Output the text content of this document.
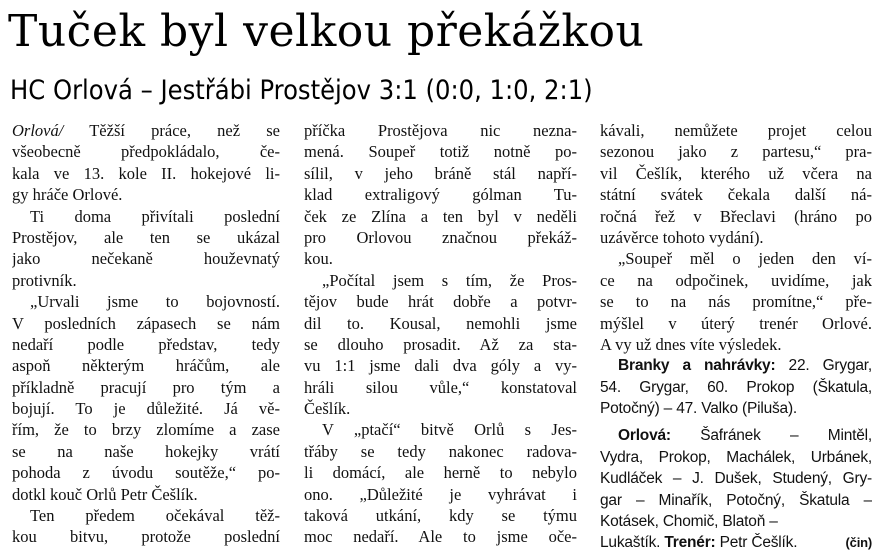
Tuček byl velkou překážkou
HC Orlová – Jestřábi Prostějov 3:1 (0:0, 1:0, 2:1)
Orlová/ Těžší práce, než se
všeobecně předpokládalo, če-
kala ve 13. kole II. hokejové li-
gy hráče Orlové.
Ti doma přivítali poslední
Prostějov, ale ten se ukázal
jako nečekaně houževnatý
protivník.
„Urvali jsme to bojovností.
V posledních zápasech se nám
nedaří podle představ, tedy
aspoň některým hráčům, ale
příkladně pracují pro tým a
bojují. To je důležité. Já vě-
řím, že to brzy zlomíme a zase
se na naše hokejky vrátí
pohoda z úvodu soutěže,“ po-
dotkl kouč Orlů Petr Češlík.
Ten předem očekával těž-
kou bitvu, protože poslední
příčka Prostějova nic nezna-
mená. Soupeř totiž notně po-
sílil, v jeho bráně stál napří-
klad extraligový gólman Tu-
ček ze Zlína a ten byl v neděli
pro Orlovou značnou překáž-
kou.
„Počítal jsem s tím, že Pros-
tějov bude hrát dobře a potvr-
dil to. Kousal, nemohli jsme
se dlouho prosadit. Až za sta-
vu 1:1 jsme dali dva góly a vy-
hráli silou vůle,“ konstatoval
Češlík.
V „ptačí“ bitvě Orlů s Jes-
třáby se tedy nakonec radova-
li domácí, ale herně to nebylo
ono. „Důležité je vyhrávat i
taková utkání, kdy se týmu
moc nedaří. Ale to jsme oče-
kávali, nemůžete projet celou
sezonou jako z partesu,“ pra-
vil Češlík, kterého už včera na
státní svátek čekala další ná-
ročná řež v Břeclavi (hráno po
uzávěrce tohoto vydání).
„Soupeř měl o jeden den ví-
ce na odpočinek, uvidíme, jak
se to na nás promítne,“ pře-
mýšlel v úterý trenér Orlové.
A vy už dnes víte výsledek.
Branky a nahrávky: 22. Grygar,
54. Grygar, 60. Prokop (Škatula,
Potočný) – 47. Valko (Piluša).
Orlová: Šafránek – Mintěl,
Vydra, Prokop, Machálek, Urbánek,
Kudláček – J. Dušek, Studený, Gry-
gar – Minařík, Potočný, Škatula –
Kotásek, Chomič, Blatoň –
Lukaštík. Trenér: Petr Češlík.	(čin)
